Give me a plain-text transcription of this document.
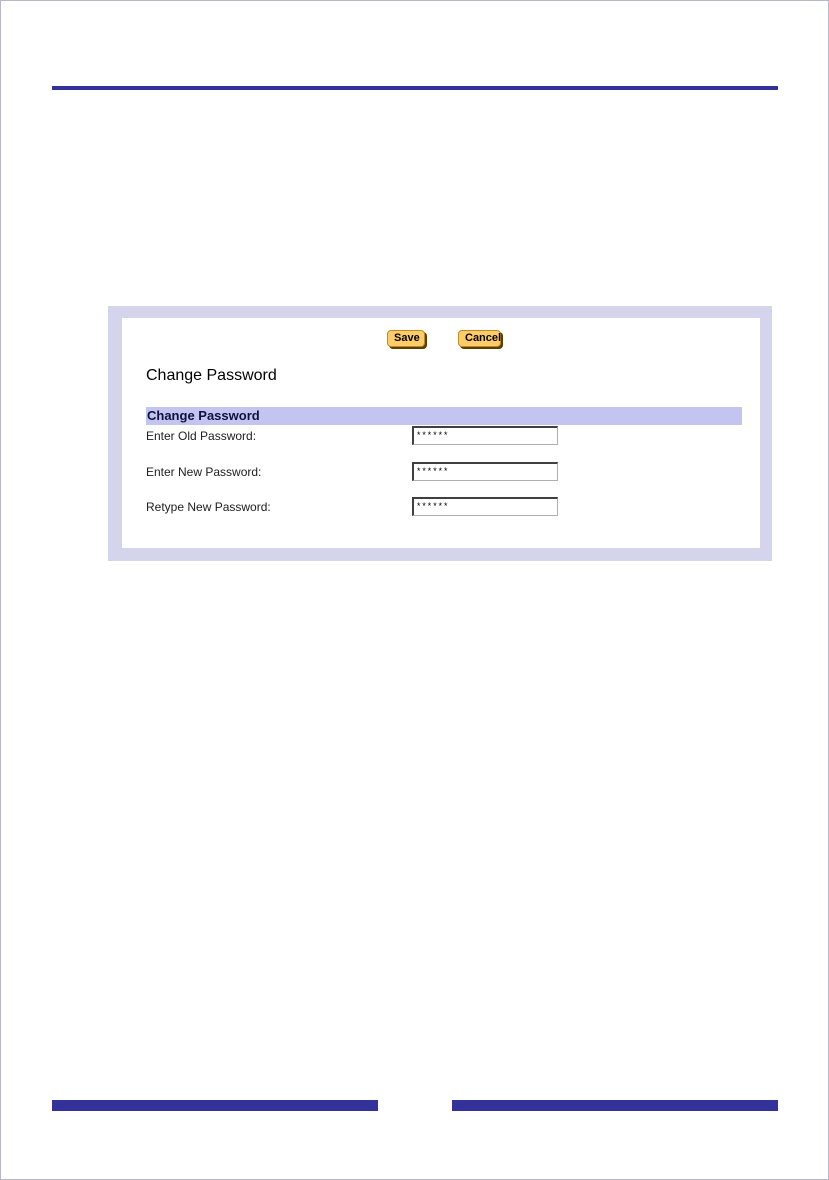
Save	Cancel
Change Password
Change Password
Enter Old Password:
******
Enter New Password:
******
Retype New Password:
******
